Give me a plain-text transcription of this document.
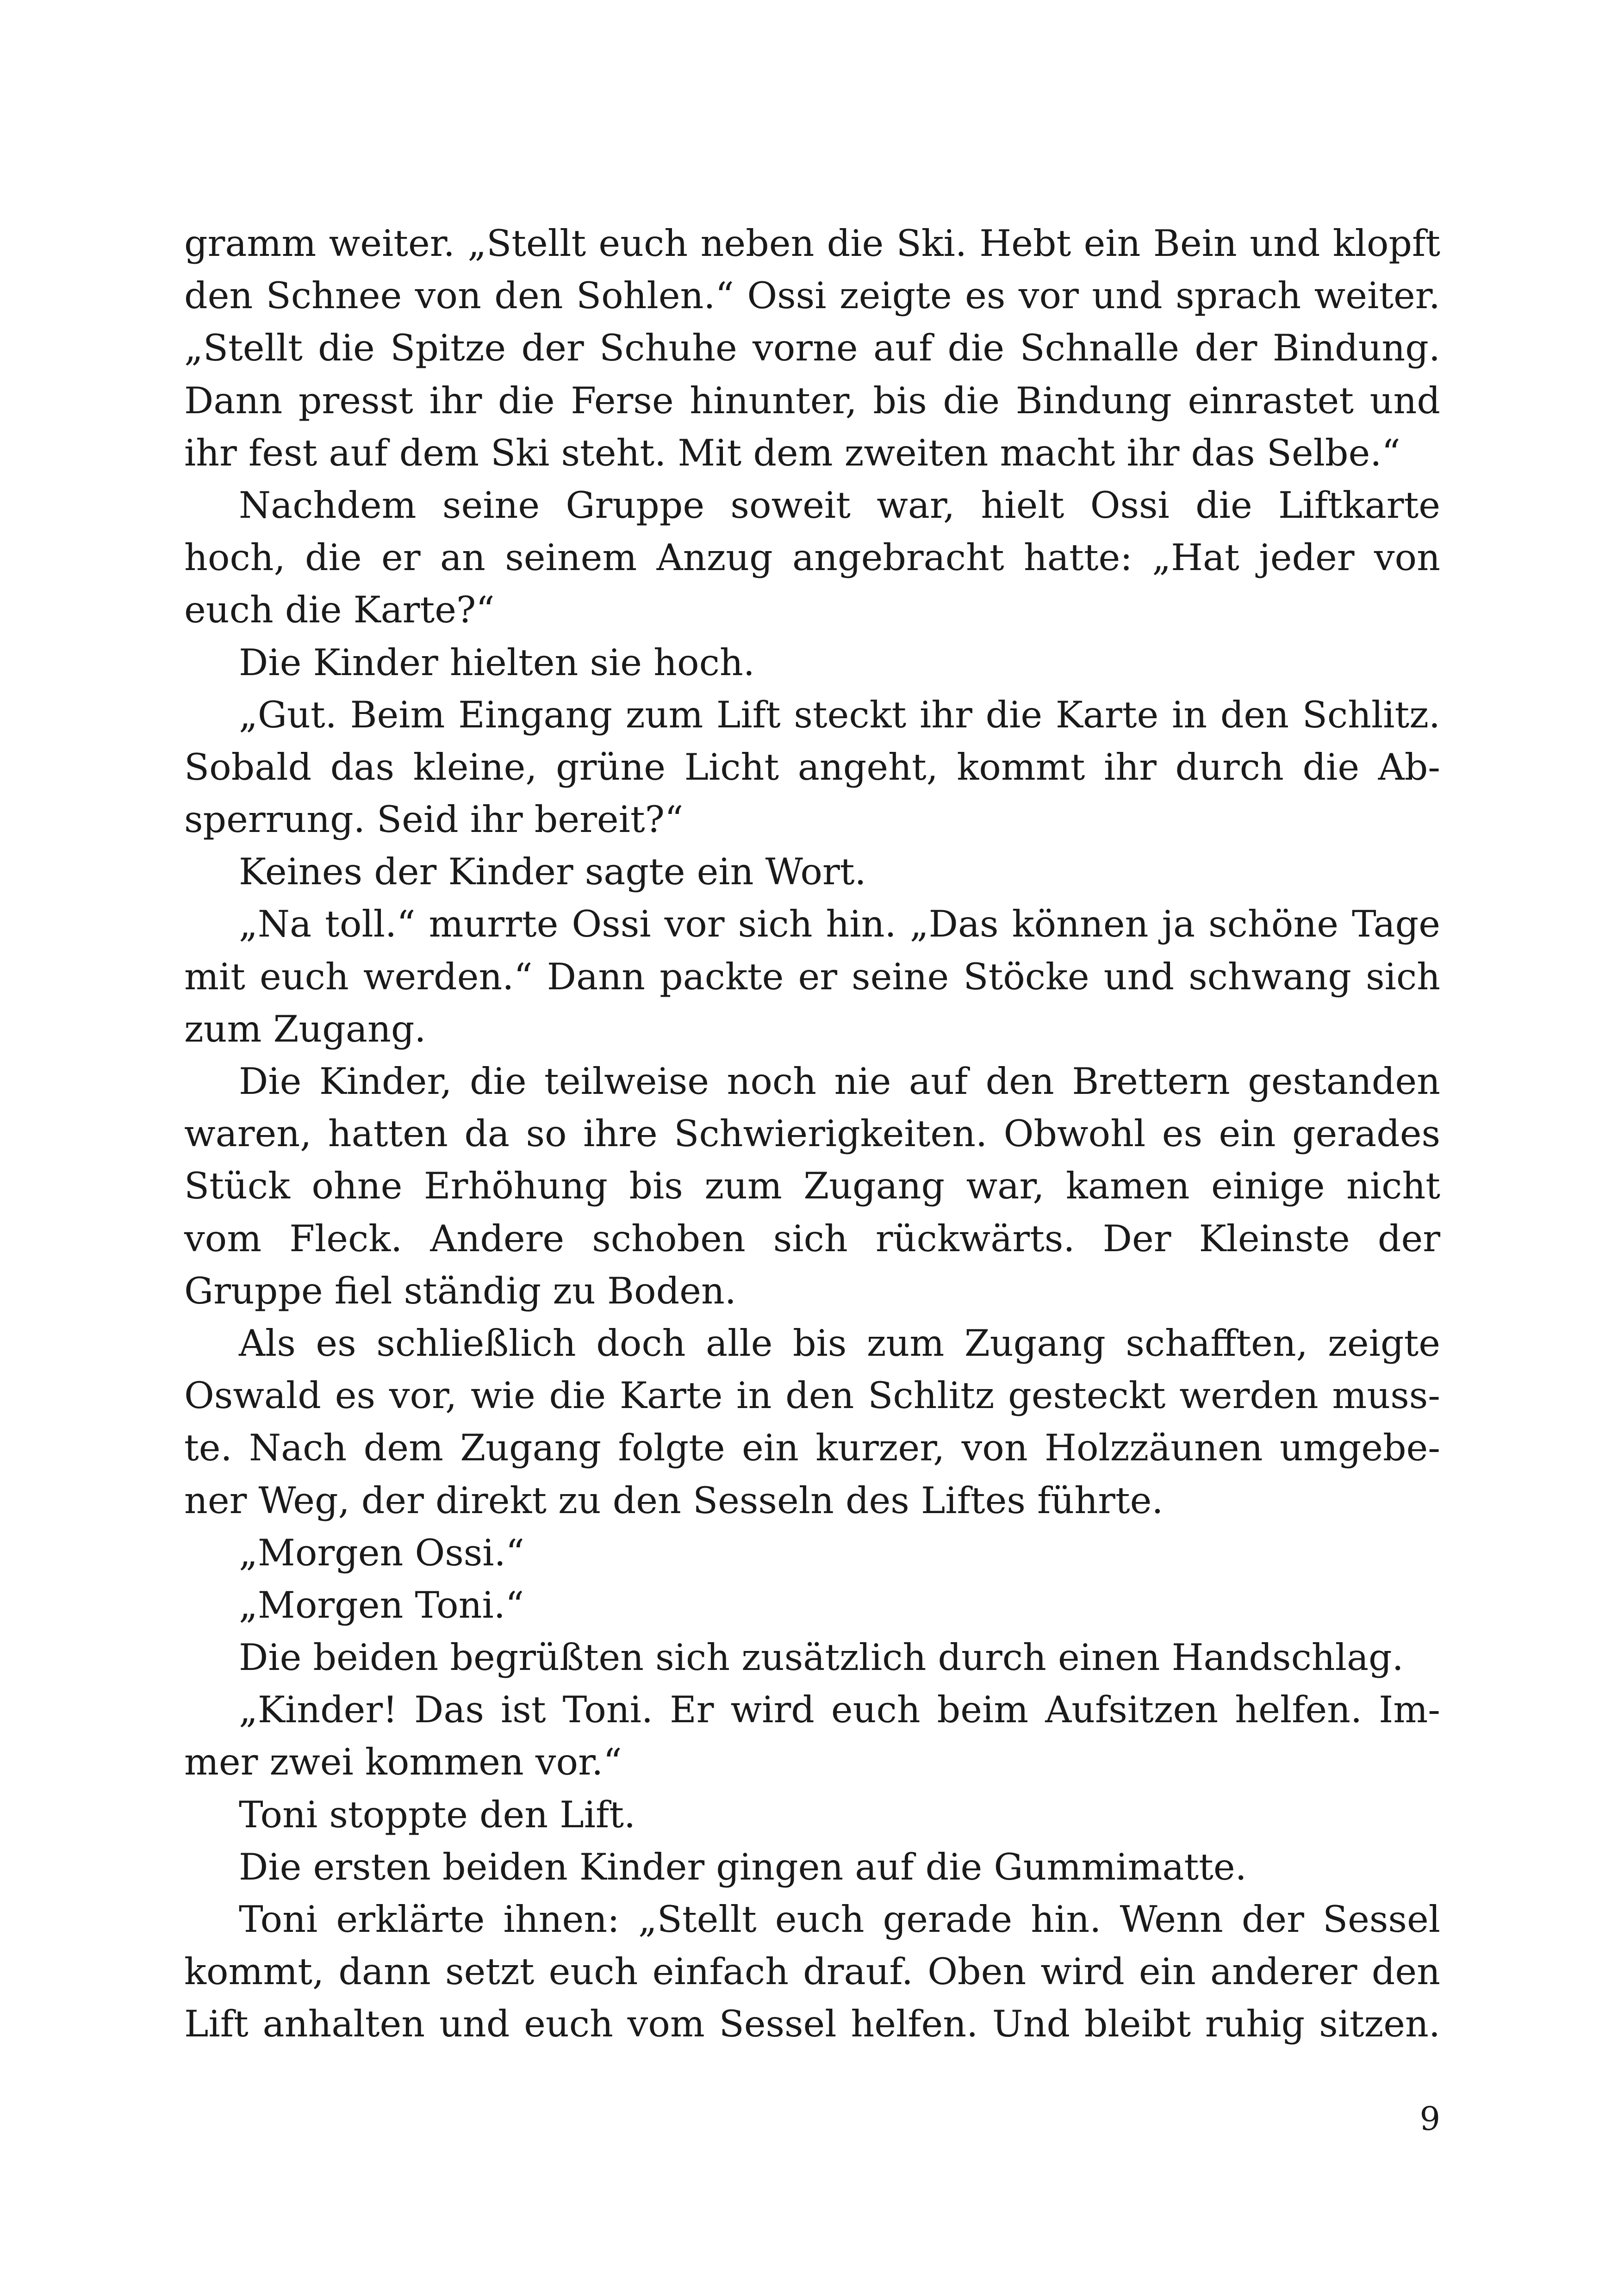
gramm weiter. „Stellt euch neben die Ski. Hebt ein Bein und klopft
den Schnee von den Sohlen.“ Ossi zeigte es vor und sprach weiter.
„Stellt die Spitze der Schuhe vorne auf die Schnalle der Bindung.
Dann presst ihr die Ferse hinunter, bis die Bindung einrastet und
ihr fest auf dem Ski steht. Mit dem zweiten macht ihr das Selbe.“
Nachdem seine Gruppe soweit war, hielt Ossi die Liftkarte
hoch, die er an seinem Anzug angebracht hatte: „Hat jeder von
euch die Karte?“
Die Kinder hielten sie hoch.
„Gut. Beim Eingang zum Lift steckt ihr die Karte in den Schlitz.
Sobald das kleine, grüne Licht angeht, kommt ihr durch die Ab-
sperrung. Seid ihr bereit?“
Keines der Kinder sagte ein Wort.
„Na toll.“ murrte Ossi vor sich hin. „Das können ja schöne Tage
mit euch werden.“ Dann packte er seine Stöcke und schwang sich
zum Zugang.
Die Kinder, die teilweise noch nie auf den Brettern gestanden
waren, hatten da so ihre Schwierigkeiten. Obwohl es ein gerades
Stück ohne Erhöhung bis zum Zugang war, kamen einige nicht
vom Fleck. Andere schoben sich rückwärts. Der Kleinste der
Gruppe fiel ständig zu Boden.
Als es schließlich doch alle bis zum Zugang schafften, zeigte
Oswald es vor, wie die Karte in den Schlitz gesteckt werden muss-
te. Nach dem Zugang folgte ein kurzer, von Holzzäunen umgebe-
ner Weg, der direkt zu den Sesseln des Liftes führte.
„Morgen Ossi.“
„Morgen Toni.“
Die beiden begrüßten sich zusätzlich durch einen Handschlag.
„Kinder! Das ist Toni. Er wird euch beim Aufsitzen helfen. Im-
mer zwei kommen vor.“
Toni stoppte den Lift.
Die ersten beiden Kinder gingen auf die Gummimatte.
Toni erklärte ihnen: „Stellt euch gerade hin. Wenn der Sessel
kommt, dann setzt euch einfach drauf. Oben wird ein anderer den
Lift anhalten und euch vom Sessel helfen. Und bleibt ruhig sitzen.
9
